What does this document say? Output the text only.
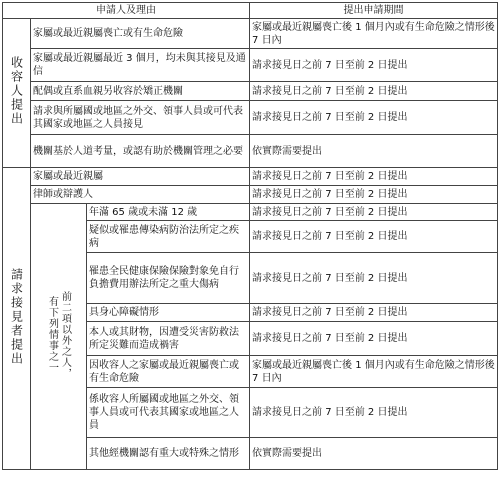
申請人及理由			提出申請期間
收容人提出	家屬或最近親屬喪亡或有生命危險		家屬或最近親屬喪亡後 1 個月內或有生命危險之情形後 7 日內
	家屬或最近親屬最近 3 個月，均未與其接見及通信		請求接見日之前 7 日至前 2 日提出
	配偶或直系血親另收容於矯正機關		請求接見日之前 7 日至前 2 日提出
	請求與所屬國或地區之外交、領事人員或可代表其國家或地區之人員接見		請求接見日之前 7 日至前 2 日提出
	機關基於人道考量，或認有助於機關管理之必要		依實際需要提出
請求接見者提出	家屬或最近親屬		請求接見日之前 7 日至前 2 日提出
	律師或辯護人		請求接見日之前 7 日至前 2 日提出
	前二項以外之人，有下列情事之一	年滿 65 歲或未滿 12 歲	請求接見日之前 7 日至前 2 日提出
		疑似或罹患傳染病防治法所定之疾病	請求接見日之前 7 日至前 2 日提出
		罹患全民健康保險保險對象免自行負擔費用辦法所定之重大傷病	請求接見日之前 7 日至前 2 日提出
		具身心障礙情形	請求接見日之前 7 日至前 2 日提出
		本人或其財物，因遭受災害防救法所定災難而造成禍害	請求接見日之前 7 日至前 2 日提出
		因收容人之家屬或最近親屬喪亡或有生命危險	家屬或最近親屬喪亡後 1 個月內或有生命危險之情形後 7 日內
		係收容人所屬國或地區之外交、領事人員或可代表其國家或地區之人員	請求接見日之前 7 日至前 2 日提出
		其他經機關認有重大或特殊之情形	依實際需要提出
